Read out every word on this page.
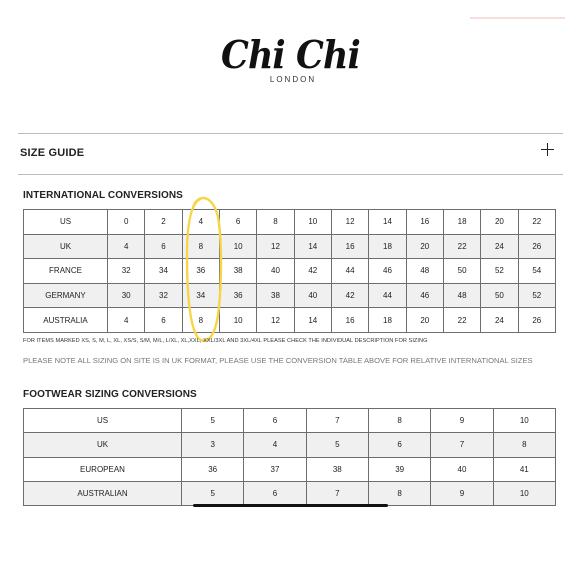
Chi Chi
LONDON
SIZE GUIDE
INTERNATIONAL CONVERSIONS
US	0	2	4	6	8	10	12	14	16	18	20	22
UK	4	6	8	10	12	14	16	18	20	22	24	26
FRANCE	32	34	36	38	40	42	44	46	48	50	52	54
GERMANY	30	32	34	36	38	40	42	44	46	48	50	52
AUSTRALIA	4	6	8	10	12	14	16	18	20	22	24	26
FOR ITEMS MARKED XS, S, M, L, XL, XS/S, S/M, M/L, L/XL, XL,XXL, XXL/3XL AND 3XL/4XL PLEASE CHECK THE INDIVIDUAL DESCRIPTION FOR SIZING
PLEASE NOTE ALL SIZING ON SITE IS IN UK FORMAT, PLEASE USE THE CONVERSION TABLE ABOVE FOR RELATIVE INTERNATIONAL SIZES
FOOTWEAR SIZING CONVERSIONS
US	5	6	7	8	9	10
UK	3	4	5	6	7	8
EUROPEAN	36	37	38	39	40	41
AUSTRALIAN	5	6	7	8	9	10
